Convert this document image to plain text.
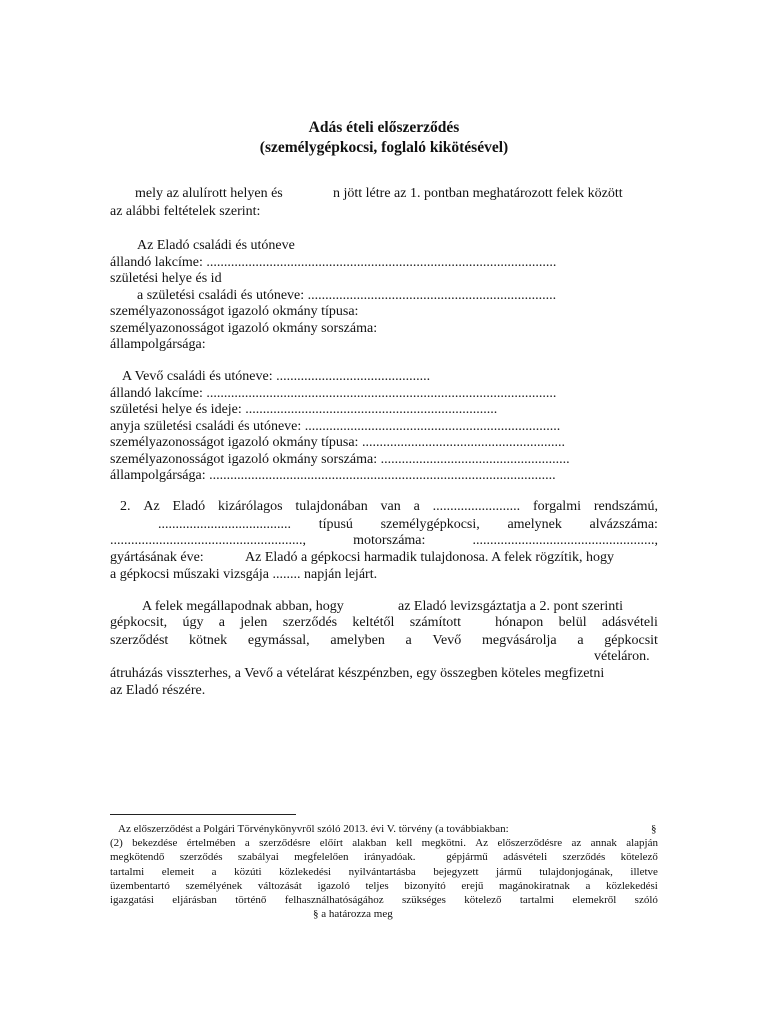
Adás ételi előszerződés
(személygépkocsi, foglaló kikötésével)
mely az alulírott helyen és	n jött létre az 1. pontban meghatározott felek között
az alábbi feltételek szerint:
Az Eladó családi és utóneve
állandó lakcíme: ....................................................................................................
születési helye és id
a születési családi és utóneve: .......................................................................
személyazonosságot igazoló okmány típusa:
személyazonosságot igazoló okmány sorszáma:
állampolgársága:
A Vevő családi és utóneve: ............................................
állandó lakcíme: ....................................................................................................
születési helye és ideje: ........................................................................
anyja születési családi és utóneve: .........................................................................
személyazonosságot igazoló okmány típusa: ..........................................................
személyazonosságot igazoló okmány sorszáma: ......................................................
állampolgársága: ...................................................................................................
2. Az Eladó kizárólagos tulajdonában van a ......................... forgalmi rendszámú,
...................................... típusú személygépkocsi, amelynek alvázszáma:
.......................................................,	motorszáma:	....................................................,
gyártásának éve:	Az Eladó a gépkocsi harmadik tulajdonosa. A felek rögzítik, hogy
a gépkocsi műszaki vizsgája ........ napján lejárt.
A felek megállapodnak abban, hogy	az Eladó levizsgáztatja a 2. pont szerinti
gépkocsit, úgy a jelen szerződés keltétől számított
hónapon belül adásvételi
szerződést kötnek egymással, amelyben a Vevő megvásárolja a gépkocsit
vételáron.
átruházás visszterhes, a Vevő a vételárat készpénzben, egy összegben köteles megfizetni
az Eladó részére.
Az előszerződést a Polgári Törvénykönyvről szóló 2013. évi V. törvény (a továbbiakban:	§
(2) bekezdése értelmében a szerződésre előírt alakban kell megkötni. Az előszerződésre az annak alapján
megkötendő szerződés szabályai megfelelően irányadóak.	gépjármű adásvételi szerződés kötelező
tartalmi elemeit a közúti közlekedési nyilvántartásba bejegyzett jármű tulajdonjogának, illetve
üzembentartó személyének változását igazoló teljes bizonyító erejű magánokiratnak a közlekedési
igazgatási eljárásban történő felhasználhatóságához szükséges kötelező tartalmi elemekről szóló
§ a határozza meg
